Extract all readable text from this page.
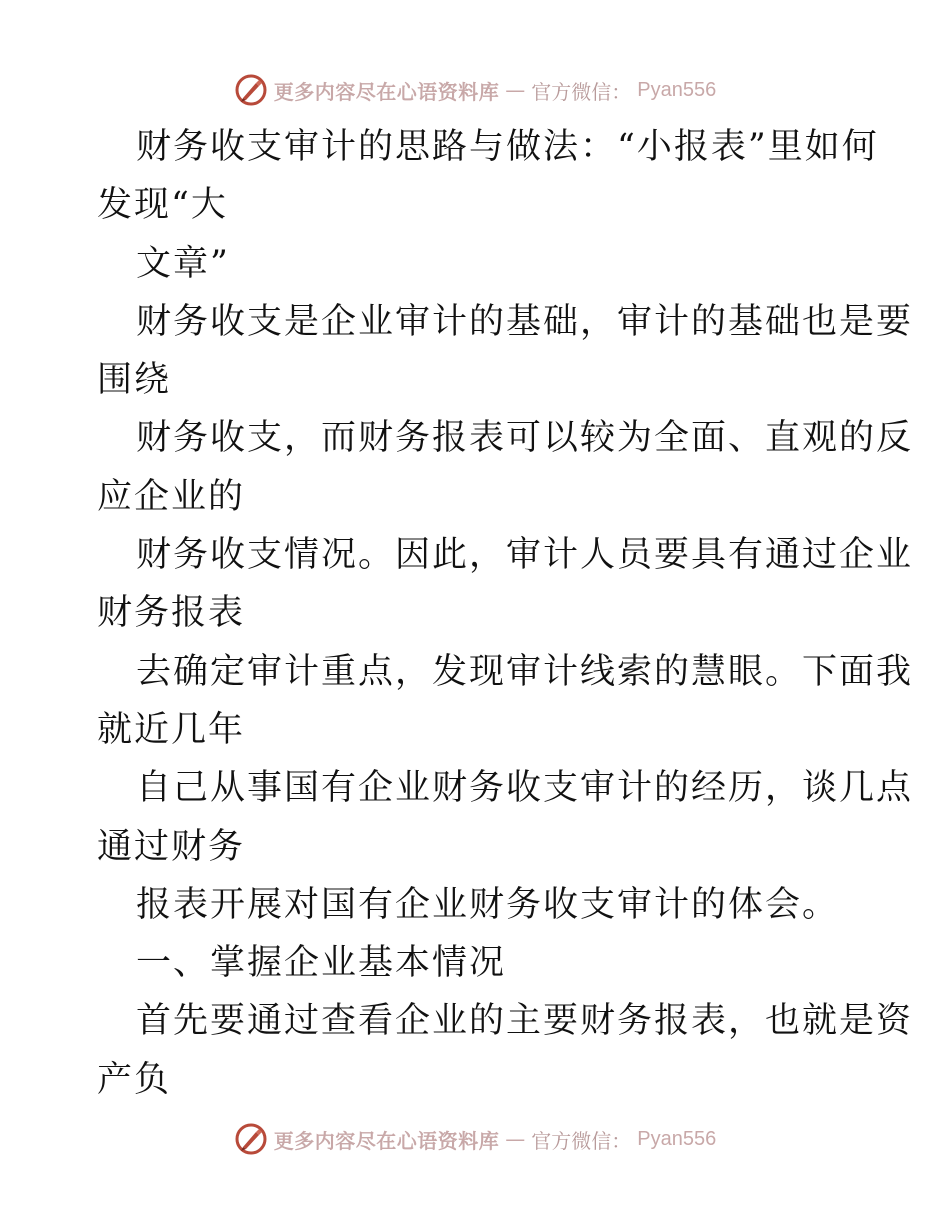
更多内容尽在心语资料库 — 官方微信： Pyan556
财务收支审计的思路与做法：“小报表”里如何
发现“大
文章”
财务收支是企业审计的基础，审计的基础也是要
围绕
财务收支，而财务报表可以较为全面、直观的反
应企业的
财务收支情况。因此，审计人员要具有通过企业
财务报表
去确定审计重点，发现审计线索的慧眼。下面我
就近几年
自己从事国有企业财务收支审计的经历，谈几点
通过财务
报表开展对国有企业财务收支审计的体会。
一、掌握企业基本情况
首先要通过查看企业的主要财务报表，也就是资
产负
更多内容尽在心语资料库 — 官方微信： Pyan556
